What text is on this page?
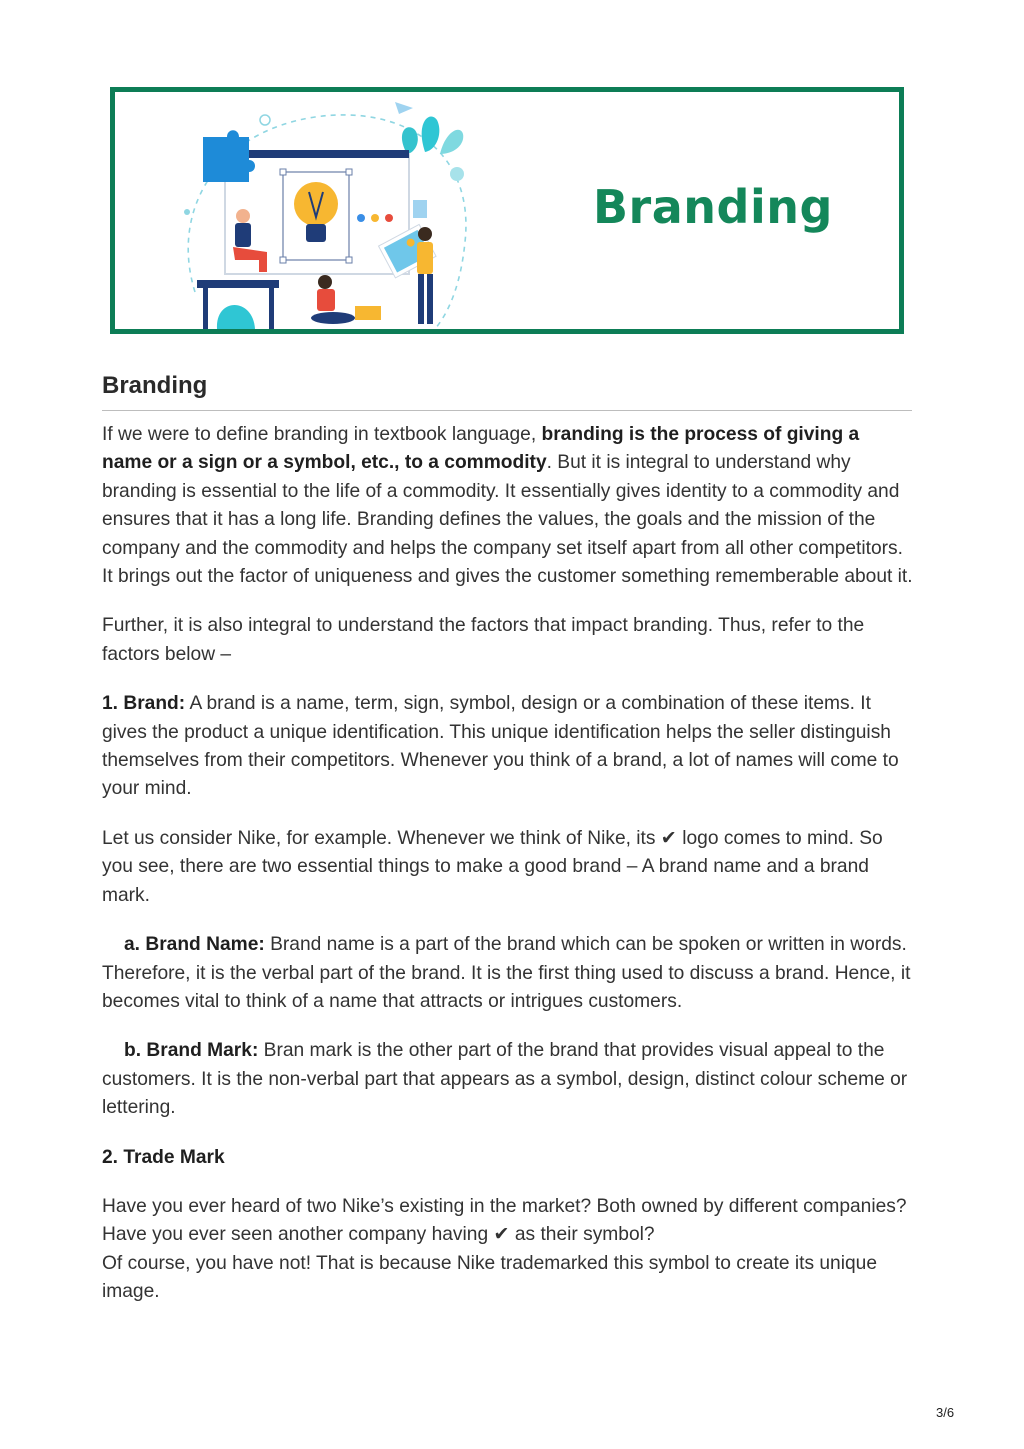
Branding
Branding

If we were to define branding in textbook language, branding is the process of giving a name or a sign or a symbol, etc., to a commodity. But it is integral to understand why branding is essential to the life of a commodity. It essentially gives identity to a commodity and ensures that it has a long life. Branding defines the values, the goals and the mission of the company and the commodity and helps the company set itself apart from all other competitors. It brings out the factor of uniqueness and gives the customer something rememberable about it.

Further, it is also integral to understand the factors that impact branding. Thus, refer to the factors below –

1. Brand: A brand is a name, term, sign, symbol, design or a combination of these items. It gives the product a unique identification. This unique identification helps the seller distinguish themselves from their competitors. Whenever you think of a brand, a lot of names will come to your mind.

Let us consider Nike, for example. Whenever we think of Nike, its ✔ logo comes to mind. So you see, there are two essential things to make a good brand – A brand name and a brand mark.

a. Brand Name: Brand name is a part of the brand which can be spoken or written in words. Therefore, it is the verbal part of the brand. It is the first thing used to discuss a brand. Hence, it becomes vital to think of a name that attracts or intrigues customers.

b. Brand Mark: Bran mark is the other part of the brand that provides visual appeal to the customers. It is the non-verbal part that appears as a symbol, design, distinct colour scheme or lettering.

2. Trade Mark

Have you ever heard of two Nike’s existing in the market? Both owned by different companies? Have you ever seen another company having ✔ as their symbol?
Of course, you have not! That is because Nike trademarked this symbol to create its unique image.

3/6
